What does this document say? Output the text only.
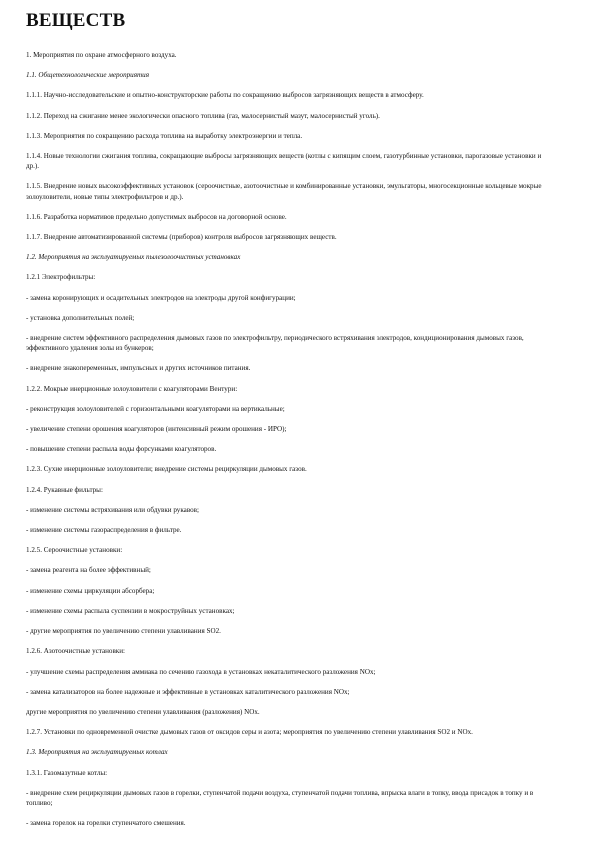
ВЕЩЕСТВ
1. Мероприятия по охране атмосферного воздуха.
1.1. Общетехнологические мероприятия
1.1.1. Научно-исследовательские и опытно-конструкторские работы по сокращению выбросов загрязняющих веществ в атмосферу.
1.1.2. Переход на сжигание менее экологически опасного топлива (газ, малосернистый мазут, малосернистый уголь).
1.1.3. Мероприятия по сокращению расхода топлива на выработку электроэнергии и тепла.
1.1.4. Новые технологии сжигания топлива, сокращающие выбросы загрязняющих веществ (котлы с кипящим слоем, газотурбинные установки, парогазовые установки и др.).
1.1.5. Внедрение новых высокоэффективных установок (сероочистные, азотоочистные и комбинированные установки, эмульгаторы, многосекционные кольцевые мокрые золоуловители, новые типы электрофильтров и др.).
1.1.6. Разработка нормативов предельно допустимых выбросов на договорной основе.
1.1.7. Внедрение автоматизированной системы (приборов) контроля выбросов загрязняющих веществ.
1.2. Мероприятия на эксплуатируемых пылезолоочистных установках
1.2.1 Электрофильтры:
- замена коронирующих и осадительных электродов на электроды другой конфигурации;
- установка дополнительных полей;
- внедрение систем эффективного распределения дымовых газов по электрофильтру, периодического встряхивания электродов, кондиционирования дымовых газов, эффективного удаления золы из бункеров;
- внедрение знакопеременных, импульсных и других источников питания.
1.2.2. Мокрые инерционные золоуловители с коагуляторами Вентури:
- реконструкция золоуловителей с горизонтальными коагуляторами на вертикальные;
- увеличение степени орошения коагуляторов (интенсивный режим орошения - ИРО);
- повышение степени распыла воды форсунками коагуляторов.
1.2.3. Сухие инерционные золоуловители; внедрение системы рециркуляции дымовых газов.
1.2.4. Рукавные фильтры:
- изменение системы встряхивания или обдувки рукавов;
- изменение системы газораспределения в фильтре.
1.2.5. Сероочистные установки:
- замена реагента на более эффективный;
- изменение схемы циркуляции абсорбера;
- изменение схемы распыла суспензии в мокроструйных установках;
- другие мероприятия по увеличению степени улавливания SO2.
1.2.6. Азотоочистные установки:
- улучшение схемы распределения аммиака по сечению газохода в установках некаталитического разложения NOx;
- замена катализаторов на более надежные и эффективные в установках каталитического разложения NOx;
другие мероприятия по увеличению степени улавливания (разложения) NOx.
1.2.7. Установки по одновременной очистке дымовых газов от оксидов серы и азота; мероприятия по увеличению степени улавливания SO2 и NOx.
1.3. Мероприятия на эксплуатируемых котлах
1.3.1. Газомазутные котлы:
- внедрение схем рециркуляции дымовых газов в горелки, ступенчатой подачи воздуха, ступенчатой подачи топлива, впрыска влаги в топку, ввода присадок в топку и в топливо;
- замена горелок на горелки ступенчатого смешения.
